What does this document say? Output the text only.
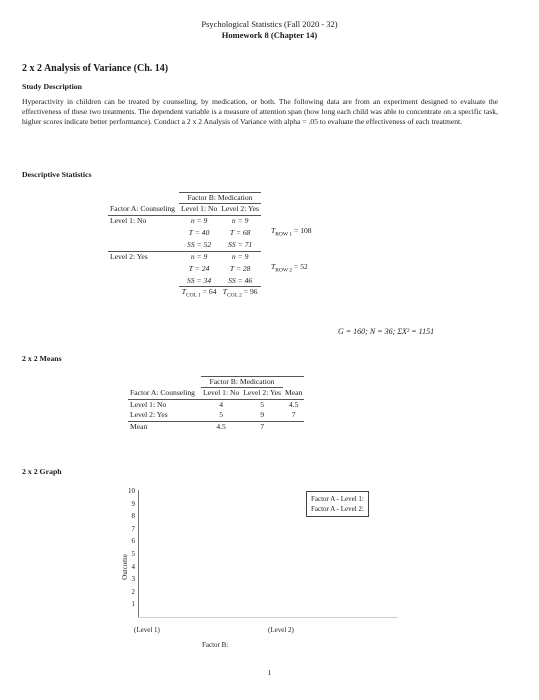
Psychological Statistics (Fall 2020 - 32)
Homework 8 (Chapter 14)
2 x 2 Analysis of Variance (Ch. 14)
Study Description
Hyperactivity in children can be treated by counseling, by medication, or both. The following data are from an experiment designed to evaluate the effectiveness of these two treatments. The dependent variable is a measure of attention span (how long each child was able to concentrate on a specific task, higher scores indicate better performance). Conduct a 2 x 2 Analysis of Variance with alpha = .05 to evaluate the effectiveness of each treatment.
Descriptive Statistics
	Factor B: Medication		
Factor A: Counseling	Level 1: No	Level 2: Yes	
Level 1: No	n = 9	n = 9	
	T = 40	T = 68	$T_{ROW 1} = 108$
	SS = 52	SS = 71	
Level 2: Yes	n = 9	n = 9	
	T = 24	T = 28	$T_{ROW 2} = 52$
	SS = 34	SS = 46	
	$T_{COL 1} = 64$	$T_{COL 2} = 96$	
G = 160; N = 36; ΣX² = 1151
2 x 2 Means
	Factor B: Medication		
Factor A: Counseling	Level 1: No	Level 2: Yes	Mean
Level 1: No	4	5	4.5
Level 2: Yes	5	9	7
Mean	4.5	7	
2 x 2 Graph
10
9
8
7
6
5
4
3
2
1
Outcome
(Level 1)	(Level 2)
Factor B:
Factor A - Level 1:
Factor A - Level 2:
1
